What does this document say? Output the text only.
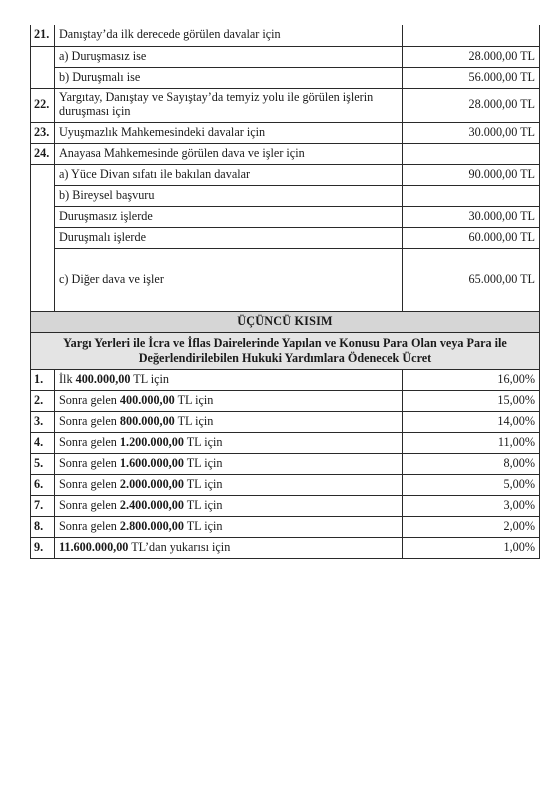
21.	Danıştay’da ilk derecede görülen davalar için	
	a) Duruşmasız ise	28.000,00 TL
	b) Duruşmalı ise	56.000,00 TL
22.	Yargıtay, Danıştay ve Sayıştay’da temyiz yolu ile görülen işlerin duruşması için	28.000,00 TL
23.	Uyuşmazlık Mahkemesindeki davalar için	30.000,00 TL
24.	Anayasa Mahkemesinde görülen dava ve işler için	
	a) Yüce Divan sıfatı ile bakılan davalar	90.000,00 TL
	b) Bireysel başvuru	
	Duruşmasız işlerde	30.000,00 TL
	Duruşmalı işlerde	60.000,00 TL
	c) Diğer dava ve işler	65.000,00 TL
ÜÇÜNCÜ KISIM		
Yargı Yerleri ile İcra ve İflas Dairelerinde Yapılan ve Konusu Para Olan veya Para ile Değerlendirilebilen Hukuki Yardımlara Ödenecek Ücret		
1.	İlk 400.000,00 TL için	16,00%
2.	Sonra gelen 400.000,00 TL için	15,00%
3.	Sonra gelen 800.000,00 TL için	14,00%
4.	Sonra gelen 1.200.000,00 TL için	11,00%
5.	Sonra gelen 1.600.000,00 TL için	8,00%
6.	Sonra gelen 2.000.000,00 TL için	5,00%
7.	Sonra gelen 2.400.000,00 TL için	3,00%
8.	Sonra gelen 2.800.000,00 TL için	2,00%
9.	11.600.000,00 TL’dan yukarısı için	1,00%
